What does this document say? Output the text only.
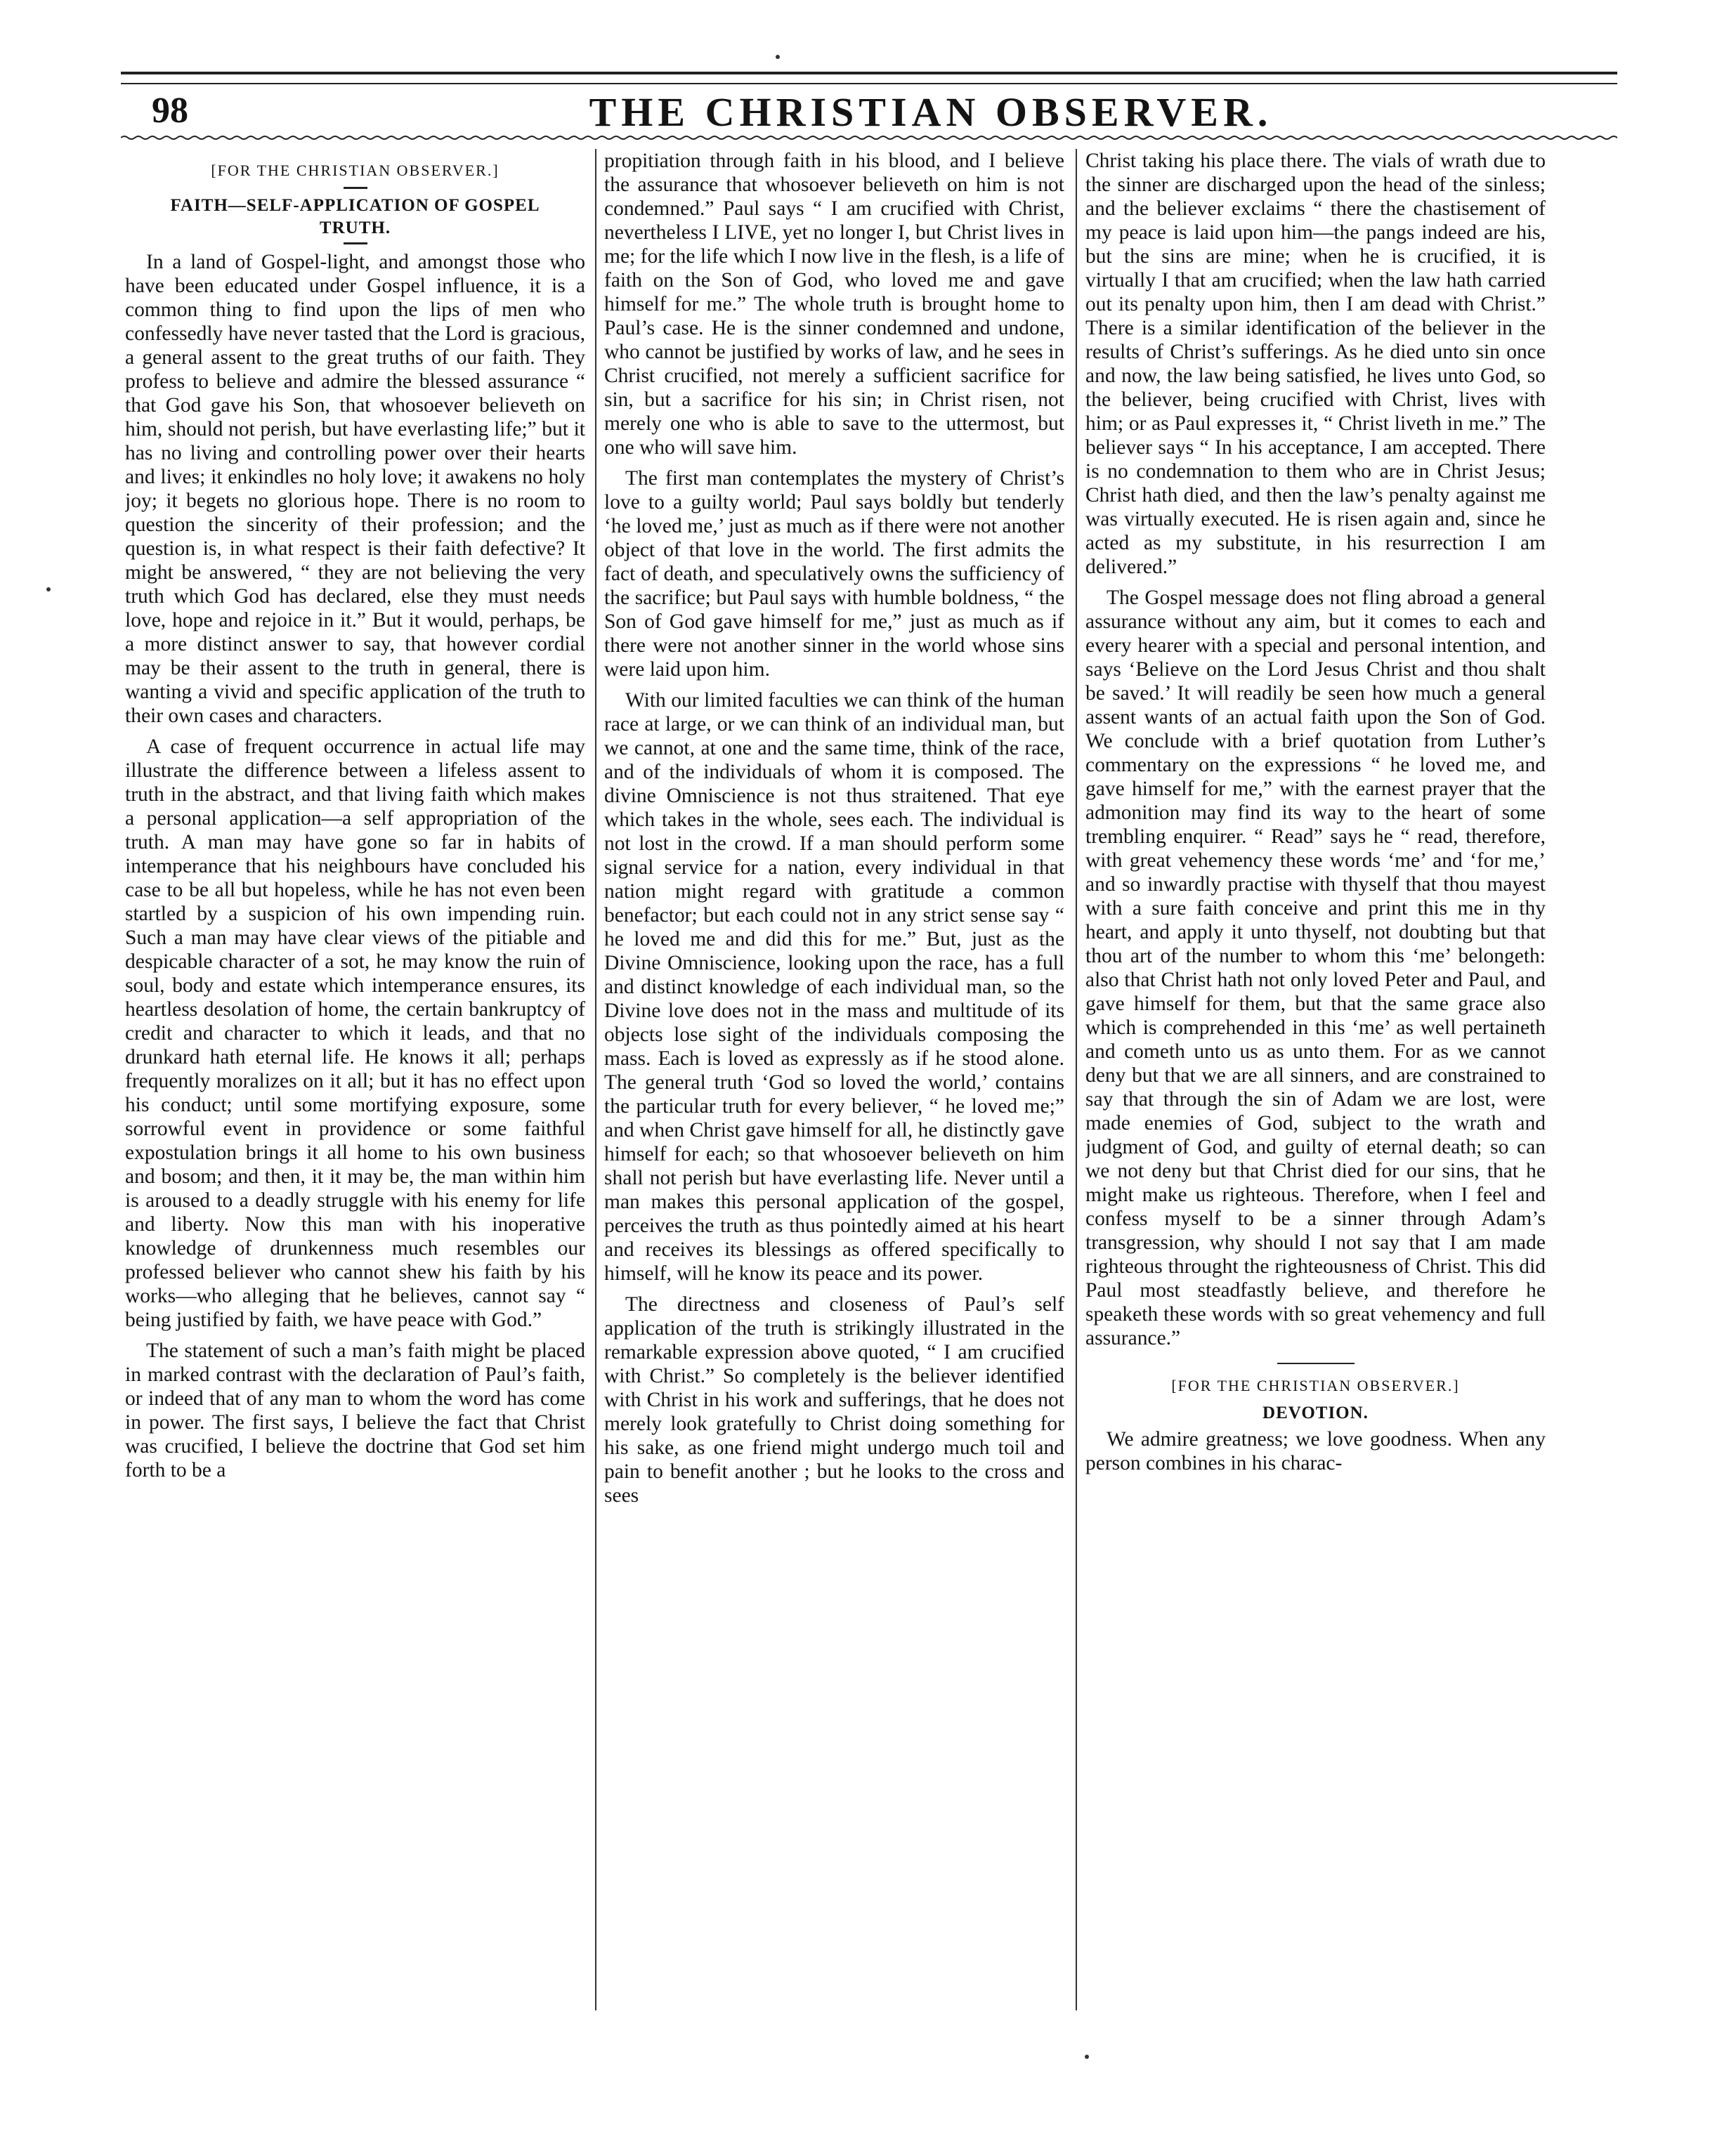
98	THE CHRISTIAN OBSERVER.
[FOR THE CHRISTIAN OBSERVER.]
FAITH—SELF-APPLICATION OF GOSPEL TRUTH.

In a land of Gospel-light, and amongst those who have been educated under Gospel influence, it is a common thing to find upon the lips of men who confessedly have never tasted that the Lord is gracious, a general assent to the great truths of our faith. They profess to believe and admire the blessed assurance “ that God gave his Son, that whosoever believeth on him, should not perish, but have everlasting life;” but it has no living and controlling power over their hearts and lives; it enkindles no holy love; it awakens no holy joy; it begets no glorious hope. There is no room to question the sincerity of their profession; and the question is, in what respect is their faith defective? It might be answered, “ they are not believing the very truth which God has declared, else they must needs love, hope and rejoice in it.” But it would, perhaps, be a more distinct answer to say, that however cordial may be their assent to the truth in general, there is wanting a vivid and specific application of the truth to their own cases and characters.

A case of frequent occurrence in actual life may illustrate the difference between a lifeless assent to truth in the abstract, and that living faith which makes a personal application—a self appropriation of the truth. A man may have gone so far in habits of intemperance that his neighbours have concluded his case to be all but hopeless, while he has not even been startled by a suspicion of his own impending ruin. Such a man may have clear views of the pitiable and despicable character of a sot, he may know the ruin of soul, body and estate which intemperance ensures, its heartless desolation of home, the certain bankruptcy of credit and character to which it leads, and that no drunkard hath eternal life. He knows it all; perhaps frequently moralizes on it all; but it has no effect upon his conduct; until some mortifying exposure, some sorrowful event in providence or some faithful expostulation brings it all home to his own business and bosom; and then, it it may be, the man within him is aroused to a deadly struggle with his enemy for life and liberty. Now this man with his inoperative knowledge of drunkenness much resembles our professed believer who cannot shew his faith by his works—who alleging that he believes, cannot say “ being justified by faith, we have peace with God.”

The statement of such a man’s faith might be placed in marked contrast with the declaration of Paul’s faith, or indeed that of any man to whom the word has come in power. The first says, I believe the fact that Christ was crucified, I believe the doctrine that God set him forth to be a

propitiation through faith in his blood, and I believe the assurance that whosoever believeth on him is not condemned.” Paul says “ I am crucified with Christ, nevertheless I LIVE, yet no longer I, but Christ lives in me; for the life which I now live in the flesh, is a life of faith on the Son of God, who loved me and gave himself for me.” The whole truth is brought home to Paul’s case. He is the sinner condemned and undone, who cannot be justified by works of law, and he sees in Christ crucified, not merely a sufficient sacrifice for sin, but a sacrifice for his sin; in Christ risen, not merely one who is able to save to the uttermost, but one who will save him.

The first man contemplates the mystery of Christ’s love to a guilty world; Paul says boldly but tenderly ‘he loved me,’ just as much as if there were not another object of that love in the world. The first admits the fact of death, and speculatively owns the sufficiency of the sacrifice; but Paul says with humble boldness, “ the Son of God gave himself for me,” just as much as if there were not another sinner in the world whose sins were laid upon him.

With our limited faculties we can think of the human race at large, or we can think of an individual man, but we cannot, at one and the same time, think of the race, and of the individuals of whom it is composed. The divine Omniscience is not thus straitened. That eye which takes in the whole, sees each. The individual is not lost in the crowd. If a man should perform some signal service for a nation, every individual in that nation might regard with gratitude a common benefactor; but each could not in any strict sense say “ he loved me and did this for me.” But, just as the Divine Omniscience, looking upon the race, has a full and distinct knowledge of each individual man, so the Divine love does not in the mass and multitude of its objects lose sight of the individuals composing the mass. Each is loved as expressly as if he stood alone. The general truth ‘God so loved the world,’ contains the particular truth for every believer, “ he loved me;” and when Christ gave himself for all, he distinctly gave himself for each; so that whosoever believeth on him shall not perish but have everlasting life. Never until a man makes this personal application of the gospel, perceives the truth as thus pointedly aimed at his heart and receives its blessings as offered specifically to himself, will he know its peace and its power.

The directness and closeness of Paul’s self application of the truth is strikingly illustrated in the remarkable expression above quoted, “ I am crucified with Christ.” So completely is the believer identified with Christ in his work and sufferings, that he does not merely look gratefully to Christ doing something for his sake, as one friend might undergo much toil and pain to benefit another ; but he looks to the cross and sees

Christ taking his place there. The vials of wrath due to the sinner are discharged upon the head of the sinless; and the believer exclaims “ there the chastisement of my peace is laid upon him—the pangs indeed are his, but the sins are mine; when he is crucified, it is virtually I that am crucified; when the law hath carried out its penalty upon him, then I am dead with Christ.” There is a similar identification of the believer in the results of Christ’s sufferings. As he died unto sin once and now, the law being satisfied, he lives unto God, so the believer, being crucified with Christ, lives with him; or as Paul expresses it, “ Christ liveth in me.” The believer says “ In his acceptance, I am accepted. There is no condemnation to them who are in Christ Jesus; Christ hath died, and then the law’s penalty against me was virtually executed. He is risen again and, since he acted as my substitute, in his resurrection I am delivered.”

The Gospel message does not fling abroad a general assurance without any aim, but it comes to each and every hearer with a special and personal intention, and says ‘Believe on the Lord Jesus Christ and thou shalt be saved.’ It will readily be seen how much a general assent wants of an actual faith upon the Son of God. We conclude with a brief quotation from Luther’s commentary on the expressions “ he loved me, and gave himself for me,” with the earnest prayer that the admonition may find its way to the heart of some trembling enquirer. “ Read” says he “ read, therefore, with great vehemency these words ‘me’ and ‘for me,’ and so inwardly practise with thyself that thou mayest with a sure faith conceive and print this me in thy heart, and apply it unto thyself, not doubting but that thou art of the number to whom this ‘me’ belongeth: also that Christ hath not only loved Peter and Paul, and gave himself for them, but that the same grace also which is comprehended in this ‘me’ as well pertaineth and cometh unto us as unto them. For as we cannot deny but that we are all sinners, and are constrained to say that through the sin of Adam we are lost, were made enemies of God, subject to the wrath and judgment of God, and guilty of eternal death; so can we not deny but that Christ died for our sins, that he might make us righteous. Therefore, when I feel and confess myself to be a sinner through Adam’s transgression, why should I not say that I am made righteous throught the righteousness of Christ. This did Paul most steadfastly believe, and therefore he speaketh these words with so great vehemency and full assurance.”

[FOR THE CHRISTIAN OBSERVER.]
DEVOTION.

We admire greatness; we love goodness. When any person combines in his charac-
